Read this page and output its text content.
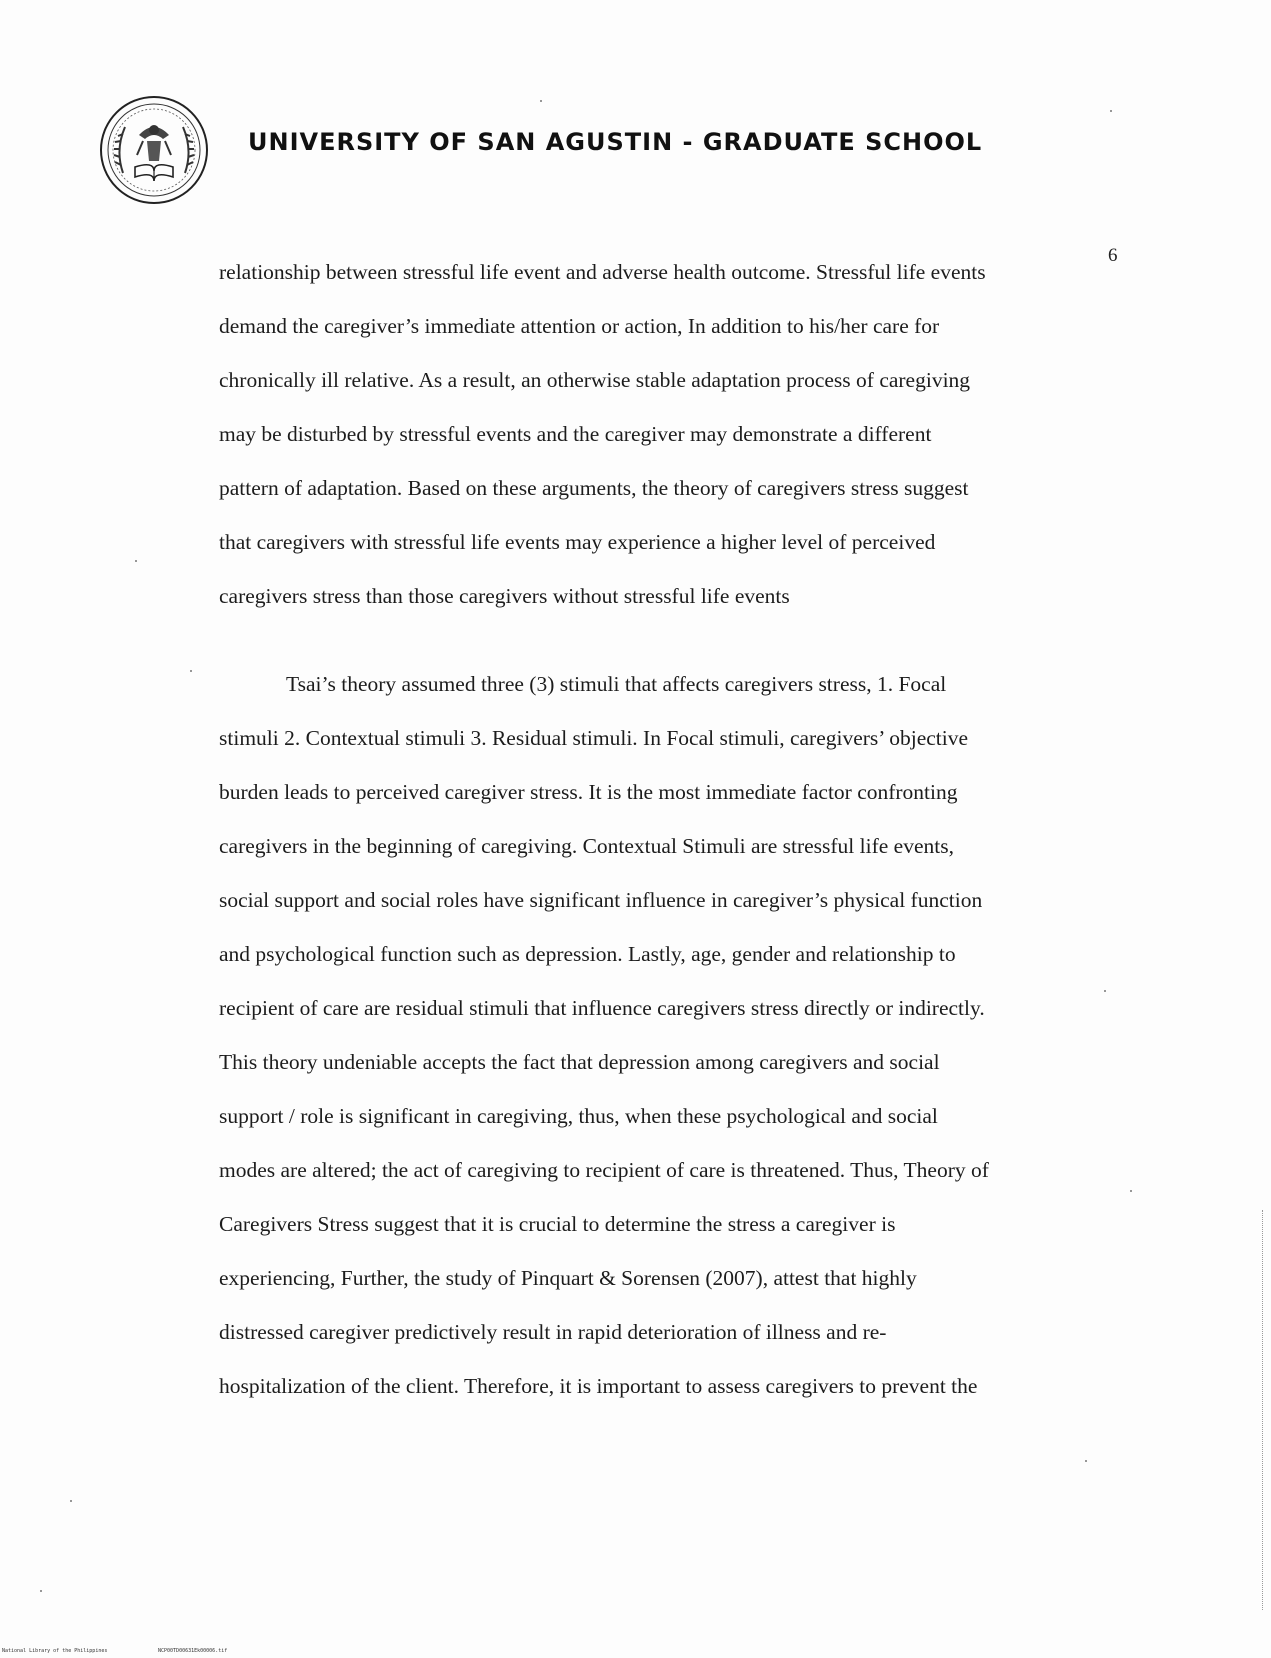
UNIVERSITY OF SAN AGUSTIN - GRADUATE SCHOOL
6
relationship between stressful life event and adverse health outcome. Stressful life events
demand the caregiver’s immediate attention or action, In addition to his/her care for
chronically ill relative. As a result, an otherwise stable adaptation process of caregiving
may be disturbed by stressful events and the caregiver may demonstrate a different
pattern of adaptation. Based on these arguments, the theory of caregivers stress suggest
that caregivers with stressful life events may experience a higher level of perceived
caregivers stress than those caregivers without stressful life events
Tsai’s theory assumed three (3) stimuli that affects caregivers stress, 1. Focal
stimuli 2. Contextual stimuli 3. Residual stimuli. In Focal stimuli, caregivers’ objective
burden leads to perceived caregiver stress. It is the most immediate factor confronting
caregivers in the beginning of caregiving. Contextual Stimuli are stressful life events,
social support and social roles have significant influence in caregiver’s physical function
and psychological function such as depression. Lastly, age, gender and relationship to
recipient of care are residual stimuli that influence caregivers stress directly or indirectly.
This theory undeniable accepts the fact that depression among caregivers and social
support / role is significant in caregiving, thus, when these psychological and social
modes are altered; the act of caregiving to recipient of care is threatened. Thus, Theory of
Caregivers Stress suggest that it is crucial to determine the stress a caregiver is
experiencing, Further, the study of Pinquart & Sorensen (2007), attest that highly
distressed caregiver predictively result in rapid deterioration of illness and re-
hospitalization of the client. Therefore, it is important to assess caregivers to prevent the
National Library of the Philippines	NCP00TD00631Ek00006.tif
